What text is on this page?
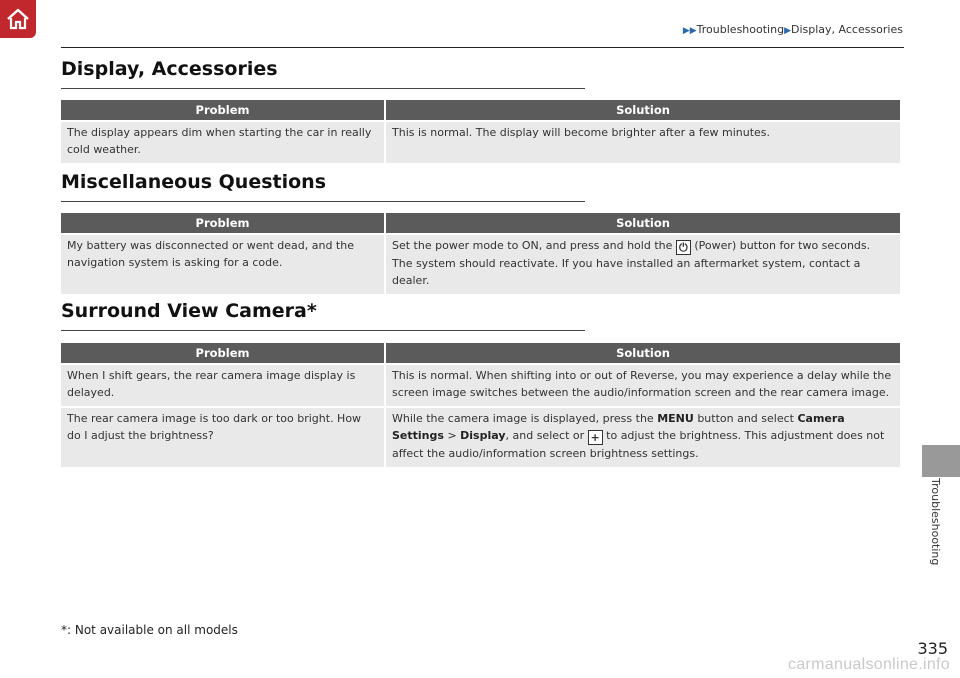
▶▶Troubleshooting▶Display, Accessories
Troubleshooting
Display, Accessories
Problem	Solution

The display appears dim when starting the car in really cold weather.	This is normal. The display will become brighter after a few minutes.
Miscellaneous Questions
Problem	Solution

My battery was disconnected or went dead, and the navigation system is asking for a code.	Set the power mode to ON, and press and hold the ⏻ (Power) button for two seconds. The system should reactivate. If you have installed an aftermarket system, contact a dealer.
Surround View Camera*
Problem	Solution

When I shift gears, the rear camera image display is delayed.	This is normal. When shifting into or out of Reverse, you may experience a delay while the screen image switches between the audio/information screen and the rear camera image.

The rear camera image is too dark or too bright. How do I adjust the brightness?	While the camera image is displayed, press the MENU button and select Camera Settings > Display, and select or + to adjust the brightness. This adjustment does not affect the audio/information screen brightness settings.
*: Not available on all models
335
carmanualsonline.info
